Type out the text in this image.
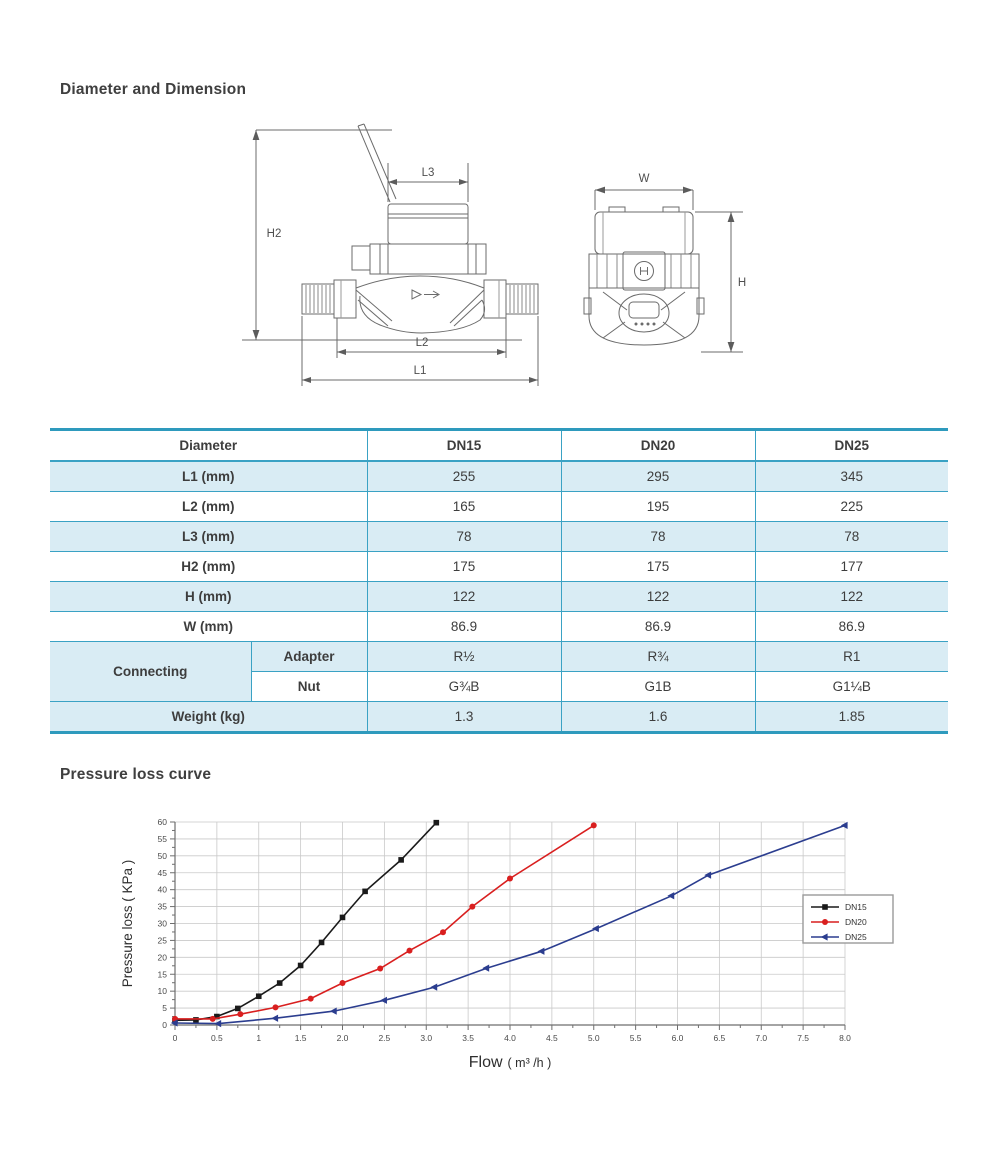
Diameter and Dimension
H2
L3
L2
L1
W
H
Diameter		DN15	DN20	DN25
L1 (mm)		255	295	345
L2 (mm)		165	195	225
L3 (mm)		78	78	78
H2 (mm)		175	175	177
H (mm)		122	122	122
W (mm)		86.9	86.9	86.9
Connecting	Adapter	R½	R¾	R1
	Nut	G¾B	G1B	G1¼B
Weight (kg)		1.3	1.6	1.85
Pressure loss curve
0	0.5	1	1.5	2.0	2.5	3.0	3.5	4.0	4.5	5.0	5.5	6.0	6.5	7.0	7.5	8.0
0
5
10
15
20
25
30
35
40
45
50
55
60
DN15
DN20
DN25
Flow ( m³ /h )
Pressure loss ( KPa )
